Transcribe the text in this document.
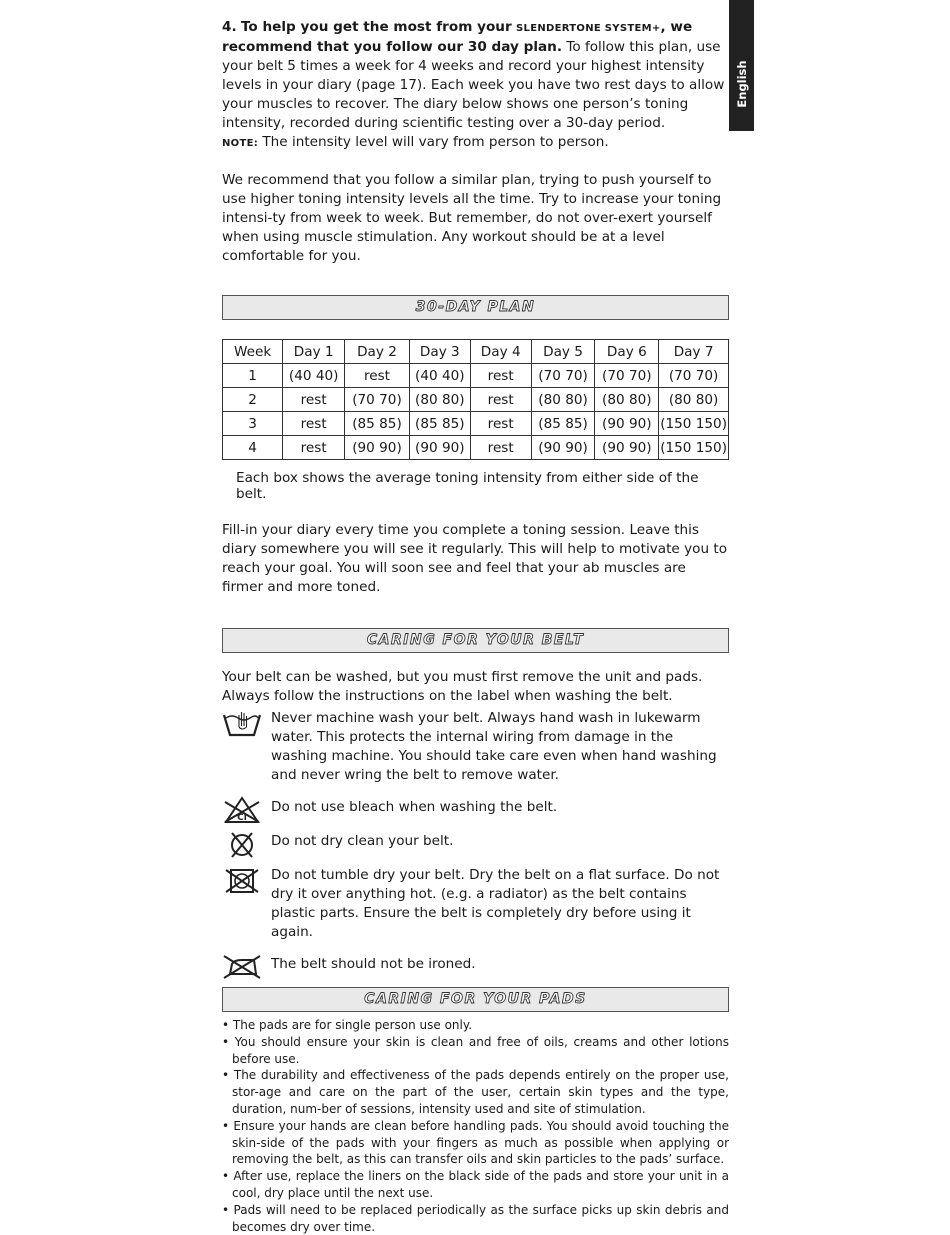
English

4. To help you get the most from your SLENDERTONE SYSTEM+, we recommend that you follow our 30 day plan. To follow this plan, use your belt 5 times a week for 4 weeks and record your highest intensity levels in your diary (page 17). Each week you have two rest days to allow your muscles to recover. The diary below shows one person’s toning intensity, recorded during scientific testing over a 30-day period.

NOTE: The intensity level will vary from person to person.

We recommend that you follow a similar plan, trying to push yourself to use higher toning intensity levels all the time. Try to increase your toning intensi-ty from week to week. But remember, do not over-exert yourself when using muscle stimulation. Any workout should be at a level comfortable for you.

30-DAY PLAN
Week	Day 1	Day 2	Day 3	Day 4	Day 5	Day 6	Day 7
1	(40 40)	rest	(40 40)	rest	(70 70)	(70 70)	(70 70)
2	rest	(70 70)	(80 80)	rest	(80 80)	(80 80)	(80 80)
3	rest	(85 85)	(85 85)	rest	(85 85)	(90 90)	(150 150)
4	rest	(90 90)	(90 90)	rest	(90 90)	(90 90)	(150 150)

Each box shows the average toning intensity from either side of the belt.

Fill-in your diary every time you complete a toning session. Leave this diary somewhere you will see it regularly. This will help to motivate you to reach your goal. You will soon see and feel that your ab muscles are firmer and more toned.

CARING FOR YOUR BELT

Your belt can be washed, but you must first remove the unit and pads. Always follow the instructions on the label when washing the belt.

Never machine wash your belt. Always hand wash in lukewarm water. This protects the internal wiring from damage in the washing machine. You should take care even when hand washing and never wring the belt to remove water.
Cl
Do not use bleach when washing the belt.
Do not dry clean your belt.
Do not tumble dry your belt. Dry the belt on a flat surface. Do not dry it over anything hot. (e.g. a radiator) as the belt contains plastic parts. Ensure the belt is completely dry before using it again.
The belt should not be ironed.
CARING FOR YOUR PADS
• The pads are for single person use only.
• You should ensure your skin is clean and free of oils, creams and other lotions before use.
• The durability and effectiveness of the pads depends entirely on the proper use, stor-age and care on the part of the user, certain skin types and the type, duration, num-ber of sessions, intensity used and site of stimulation.
• Ensure your hands are clean before handling pads. You should avoid touching the skin-side of the pads with your fingers as much as possible when applying or removing the belt, as this can transfer oils and skin particles to the pads’ surface.
• After use, replace the liners on the black side of the pads and store your unit in a cool, dry place until the next use.
• Pads will need to be replaced periodically as the surface picks up skin debris and becomes dry over time.
